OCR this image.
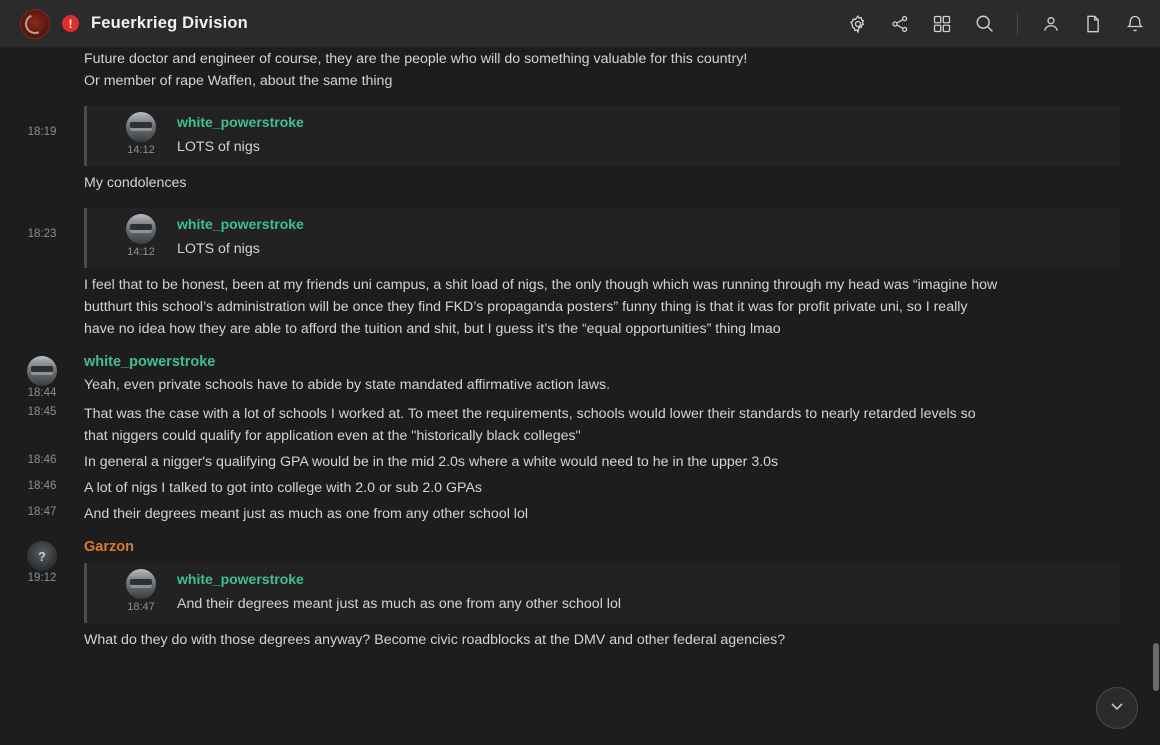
!	Feuerkrieg Division
Future doctor and engineer of course, they are the people who will do something valuable for this country!
Or member of rape Waffen, about the same thing
18:19
14:12
white_powerstroke
LOTS of nigs
My condolences
18:23
14:12
white_powerstroke
LOTS of nigs
I feel that to be honest, been at my friends uni campus, a shit load of nigs, the only though which was running through my head was “imagine how butthurt this school’s administration will be once they find FKD’s propaganda posters” funny thing is that it was for profit private uni, so I really have no idea how they are able to afford the tuition and shit, but I guess it’s the “equal opportunities” thing lmao
18:44
white_powerstroke
Yeah, even private schools have to abide by state mandated affirmative action laws.
18:45	That was the case with a lot of schools I worked at. To meet the requirements, schools would lower their standards to nearly retarded levels so that niggers could qualify for application even at the "historically black colleges"
18:46	In general a nigger's qualifying GPA would be in the mid 2.0s where a white would need to he in the upper 3.0s
18:46	A lot of nigs I talked to got into college with 2.0 or sub 2.0 GPAs
18:47	And their degrees meant just as much as one from any other school lol
?
19:12
Garzon
18:47
white_powerstroke
And their degrees meant just as much as one from any other school lol
What do they do with those degrees anyway? Become civic roadblocks at the DMV and other federal agencies?
